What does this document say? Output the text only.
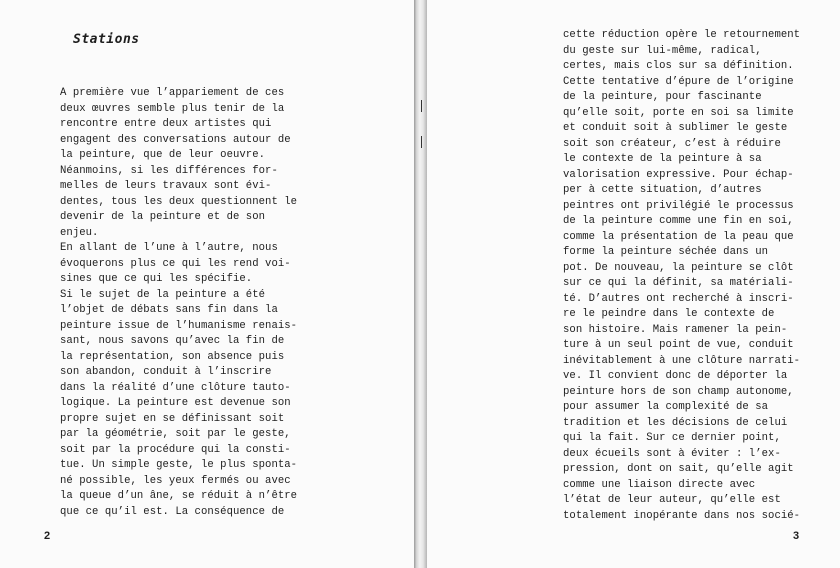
Stations
A première vue l’appariement de ces
deux œuvres semble plus tenir de la
rencontre entre deux artistes qui
engagent des conversations autour de
la peinture, que de leur oeuvre.
Néanmoins, si les différences for-
melles de leurs travaux sont évi-
dentes, tous les deux questionnent le
devenir de la peinture et de son
enjeu.
En allant de l’une à l’autre, nous
évoquerons plus ce qui les rend voi-
sines que ce qui les spécifie.
Si le sujet de la peinture a été
l’objet de débats sans fin dans la
peinture issue de l’humanisme renais-
sant, nous savons qu’avec la fin de
la représentation, son absence puis
son abandon, conduit à l’inscrire
dans la réalité d’une clôture tauto-
logique. La peinture est devenue son
propre sujet en se définissant soit
par la géométrie, soit par le geste,
soit par la procédure qui la consti-
tue. Un simple geste, le plus sponta-
né possible, les yeux fermés ou avec
la queue d’un âne, se réduit à n’être
que ce qu’il est. La conséquence de
2
cette réduction opère le retournement
du geste sur lui-même, radical,
certes, mais clos sur sa définition.
Cette tentative d’épure de l’origine
de la peinture, pour fascinante
qu’elle soit, porte en soi sa limite
et conduit soit à sublimer le geste
soit son créateur, c’est à réduire
le contexte de la peinture à sa
valorisation expressive. Pour échap-
per à cette situation, d’autres
peintres ont privilégié le processus
de la peinture comme une fin en soi,
comme la présentation de la peau que
forme la peinture séchée dans un
pot. De nouveau, la peinture se clôt
sur ce qui la définit, sa matériali-
té. D’autres ont recherché à inscri-
re le peindre dans le contexte de
son histoire. Mais ramener la pein-
ture à un seul point de vue, conduit
inévitablement à une clôture narrati-
ve. Il convient donc de déporter la
peinture hors de son champ autonome,
pour assumer la complexité de sa
tradition et les décisions de celui
qui la fait. Sur ce dernier point,
deux écueils sont à éviter : l’ex-
pression, dont on sait, qu’elle agit
comme une liaison directe avec
l’état de leur auteur, qu’elle est
totalement inopérante dans nos socié-
3
